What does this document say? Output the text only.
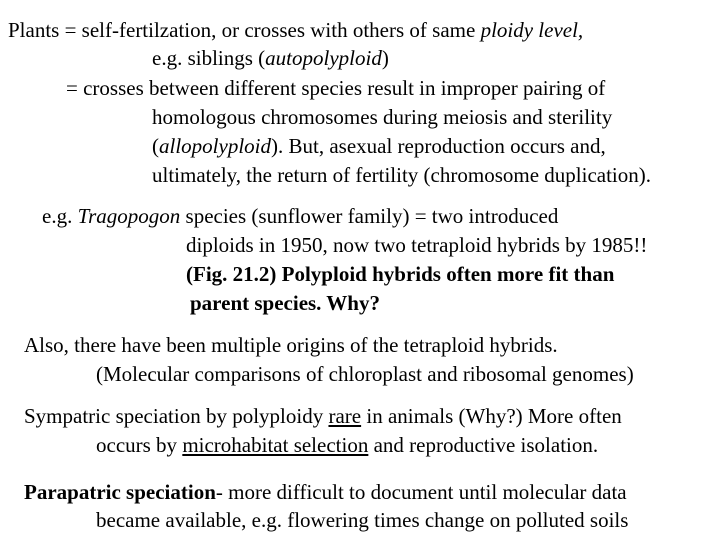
Plants = self-fertilzation, or crosses with others of same ploidy level,
e.g. siblings (autopolyploid)
= crosses between different species result in improper pairing of
homologous chromosomes during meiosis and sterility
(allopolyploid). But, asexual reproduction occurs and,
ultimately, the return of fertility (chromosome duplication).
e.g. Tragopogon species (sunflower family) = two introduced
diploids in 1950, now two tetraploid hybrids by 1985!!
(Fig. 21.2) Polyploid hybrids often more fit than
parent species. Why?
Also, there have been multiple origins of the tetraploid hybrids.
(Molecular comparisons of chloroplast and ribosomal genomes)
Sympatric speciation by polyploidy rare in animals (Why?) More often
occurs by microhabitat selection and reproductive isolation.
Parapatric speciation- more difficult to document until molecular data
became available, e.g. flowering times change on polluted soils
